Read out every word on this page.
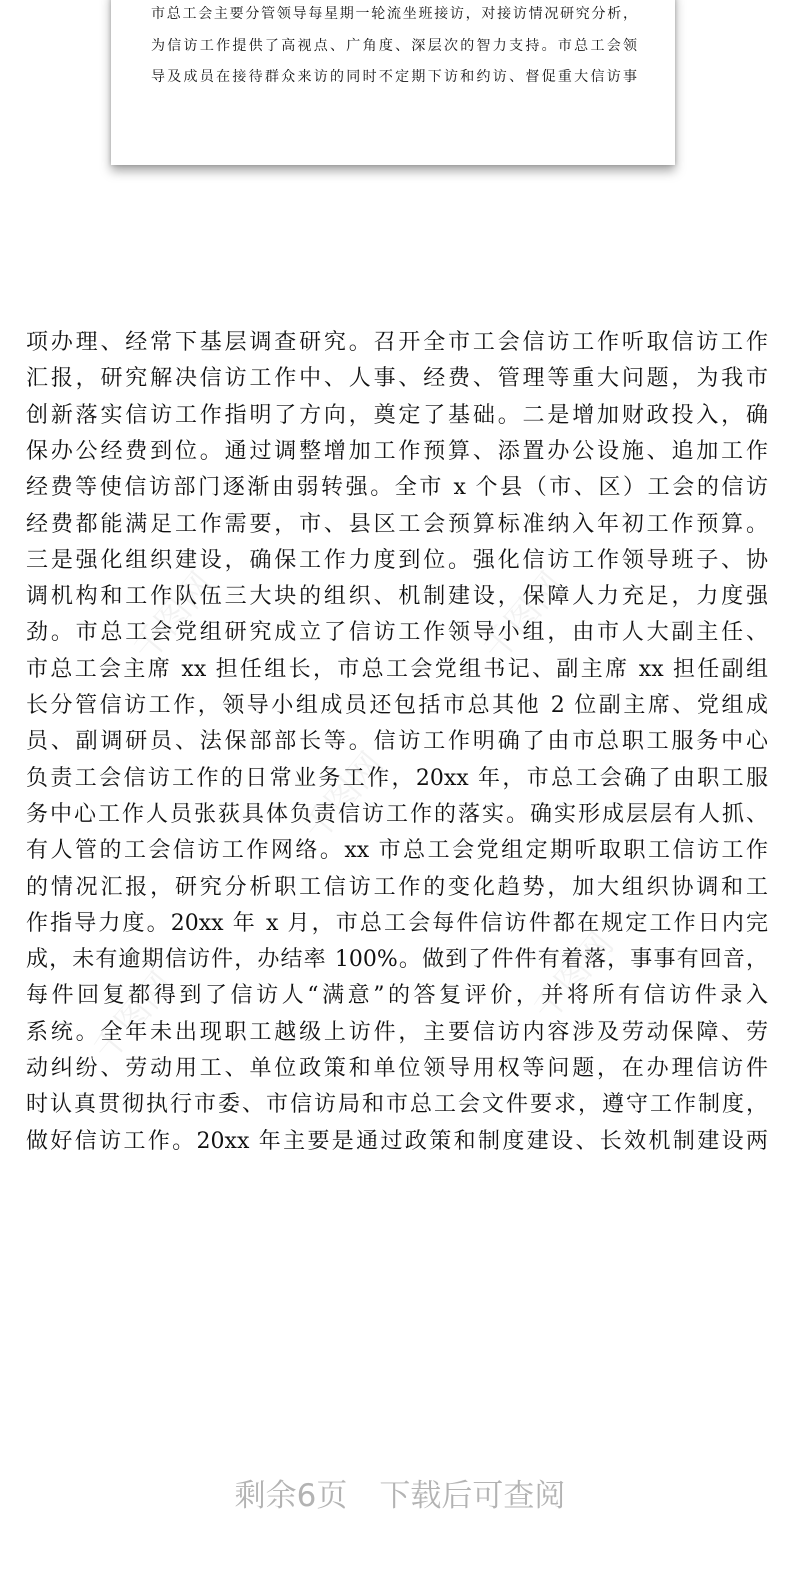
千图网	千图网
千图网
千图网	千图网
市总工会主要分管领导每星期一轮流坐班接访，对接访情况研究分析，
为信访工作提供了高视点、广角度、深层次的智力支持。市总工会领
导及成员在接待群众来访的同时不定期下访和约访、督促重大信访事
项办理、经常下基层调查研究。召开全市工会信访工作听取信访工作
汇报，研究解决信访工作中、人事、经费、管理等重大问题，为我市
创新落实信访工作指明了方向，奠定了基础。二是增加财政投入，确
保办公经费到位。通过调整增加工作预算、添置办公设施、追加工作
经费等使信访部门逐渐由弱转强。全市 x 个县（市、区）工会的信访
经费都能满足工作需要，市、县区工会预算标准纳入年初工作预算。
三是强化组织建设，确保工作力度到位。强化信访工作领导班子、协
调机构和工作队伍三大块的组织、机制建设，保障人力充足，力度强
劲。市总工会党组研究成立了信访工作领导小组，由市人大副主任、
市总工会主席 xx 担任组长，市总工会党组书记、副主席 xx 担任副组
长分管信访工作，领导小组成员还包括市总其他 2 位副主席、党组成
员、副调研员、法保部部长等。信访工作明确了由市总职工服务中心
负责工会信访工作的日常业务工作，20xx 年，市总工会确了由职工服
务中心工作人员张荻具体负责信访工作的落实。确实形成层层有人抓、
有人管的工会信访工作网络。xx 市总工会党组定期听取职工信访工作
的情况汇报，研究分析职工信访工作的变化趋势，加大组织协调和工
作指导力度。20xx 年 x 月，市总工会每件信访件都在规定工作日内完
成，未有逾期信访件，办结率 100%。做到了件件有着落，事事有回音，
每件回复都得到了信访人“满意”的答复评价，并将所有信访件录入
系统。全年未出现职工越级上访件，主要信访内容涉及劳动保障、劳
动纠纷、劳动用工、单位政策和单位领导用权等问题，在办理信访件
时认真贯彻执行市委、市信访局和市总工会文件要求，遵守工作制度，
做好信访工作。20xx 年主要是通过政策和制度建设、长效机制建设两
剩余6页 下载后可查阅
